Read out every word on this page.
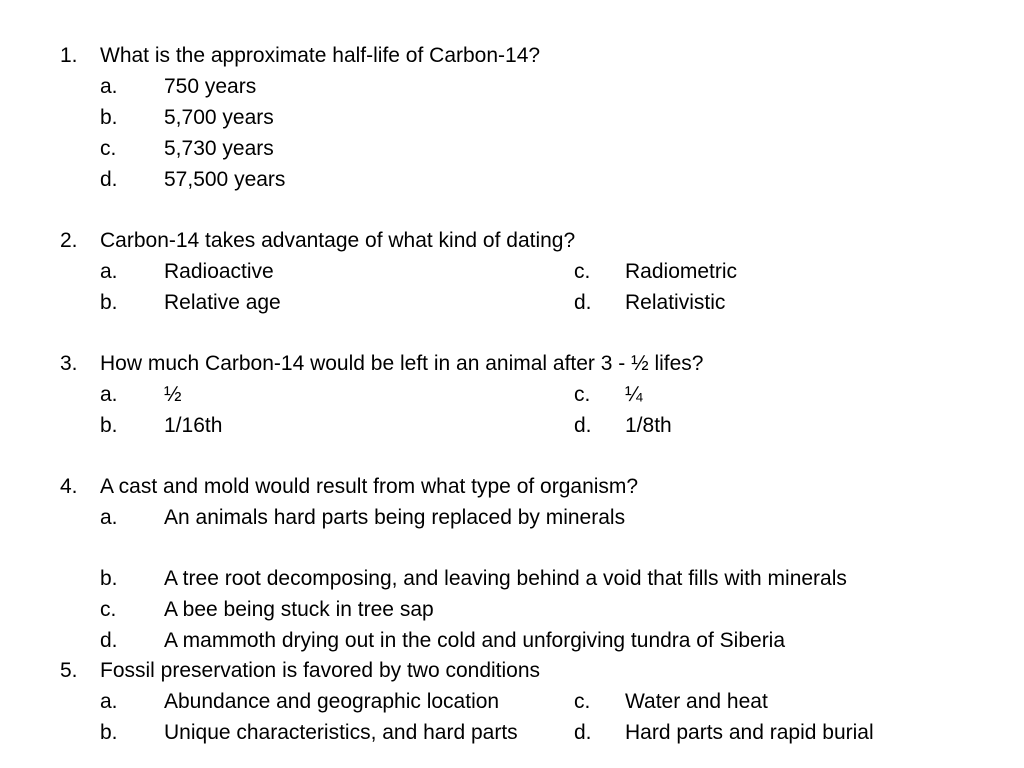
1. What is the approximate half-life of Carbon-14?
a. 750 years
b. 5,700 years
c. 5,730 years
d. 57,500 years
2. Carbon-14 takes advantage of what kind of dating?
a. Radioactive	c. Radiometric
b. Relative age	d. Relativistic
3. How much Carbon-14 would be left in an animal after 3 - ½ lifes?
a. ½	c. ¼
b. 1/16th	d. 1/8th
4. A cast and mold would result from what type of organism?
a. An animals hard parts being replaced by minerals
b. A tree root decomposing, and leaving behind a void that fills with minerals
c. A bee being stuck in tree sap
d. A mammoth drying out in the cold and unforgiving tundra of Siberia
5. Fossil preservation is favored by two conditions
a. Abundance and geographic location	c. Water and heat
b. Unique characteristics, and hard parts	d. Hard parts and rapid burial
